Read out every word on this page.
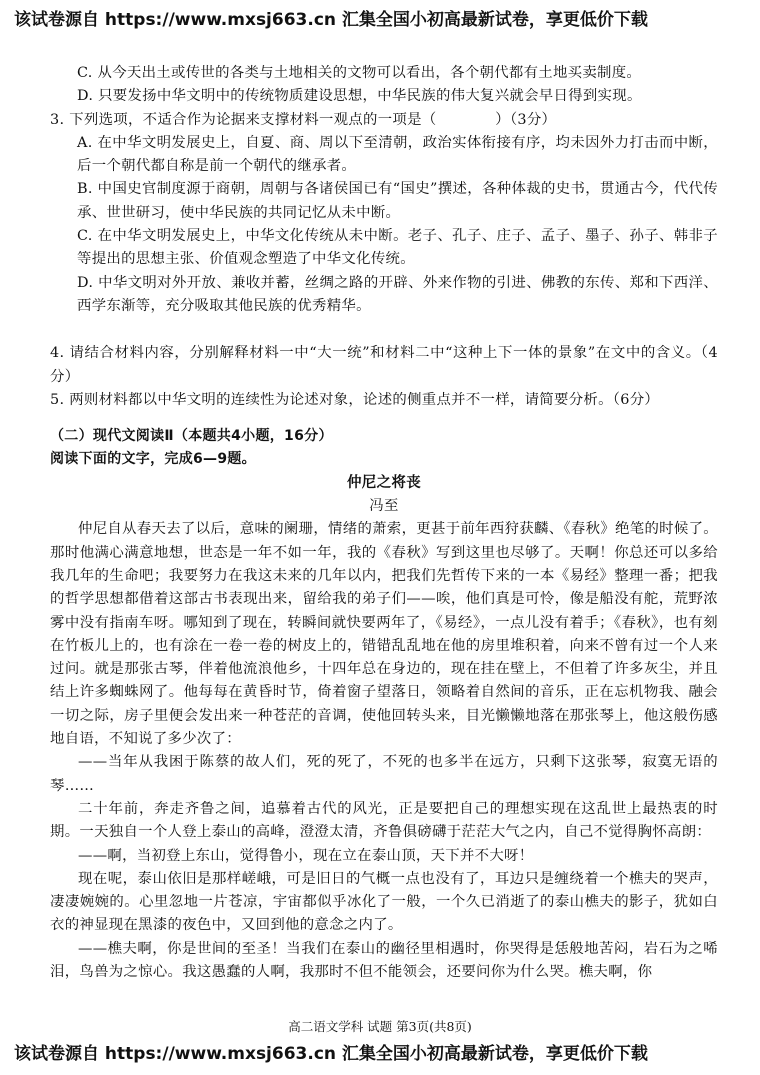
该试卷源自 https://www.mxsj663.cn 汇集全国小初高最新试卷，享更低价下载

C. 从今天出土或传世的各类与土地相关的文物可以看出，各个朝代都有土地买卖制度。

D. 只要发扬中华文明中的传统物质建设思想，中华民族的伟大复兴就会早日得到实现。

3. 下列选项，不适合作为论据来支撑材料一观点的一项是（　　　　）（3分）

A. 在中华文明发展史上，自夏、商、周以下至清朝，政治实体衔接有序，均未因外力打击而中断，后一个朝代都自称是前一个朝代的继承者。

B. 中国史官制度源于商朝，周朝与各诸侯国已有“国史”撰述，各种体裁的史书，贯通古今，代代传承、世世研习，使中华民族的共同记忆从未中断。

C. 在中华文明发展史上，中华文化传统从未中断。老子、孔子、庄子、孟子、墨子、孙子、韩非子等提出的思想主张、价值观念塑造了中华文化传统。

D. 中华文明对外开放、兼收并蓄，丝绸之路的开辟、外来作物的引进、佛教的东传、郑和下西洋、西学东渐等，充分吸取其他民族的优秀精华。

4. 请结合材料内容，分别解释材料一中“大一统”和材料二中“这种上下一体的景象”在文中的含义。（4分）

5. 两则材料都以中华文明的连续性为论述对象，论述的侧重点并不一样，请简要分析。（6分）

（二）现代文阅读Ⅱ（本题共4小题，16分）

阅读下面的文字，完成6—9题。

仲尼之将丧

冯至

仲尼自从春天去了以后，意味的阑珊，情绪的萧索，更甚于前年西狩获麟、《春秋》绝笔的时候了。那时他满心满意地想，世态是一年不如一年，我的《春秋》写到这里也尽够了。天啊！你总还可以多给我几年的生命吧；我要努力在我这未来的几年以内，把我们先哲传下来的一本《易经》整理一番；把我的哲学思想都借着这部古书表现出来，留给我的弟子们——唉，他们真是可怜，像是船没有舵，荒野浓雾中没有指南车呀。哪知到了现在，转瞬间就快要两年了，《易经》，一点儿没有着手；《春秋》，也有刻在竹板儿上的，也有涂在一卷一卷的树皮上的，错错乱乱地在他的房里堆积着，向来不曾有过一个人来过问。就是那张古琴，伴着他流浪他乡，十四年总在身边的，现在挂在壁上，不但着了许多灰尘，并且结上许多蜘蛛网了。他每每在黄昏时节，倚着窗子望落日，领略着自然间的音乐，正在忘机物我、融会一切之际，房子里便会发出来一种苍茫的音调，使他回转头来，目光懒懒地落在那张琴上，他这般伤感地自语，不知说了多少次了：

——当年从我困于陈蔡的故人们，死的死了，不死的也多半在远方，只剩下这张琴，寂寞无语的琴……

二十年前，奔走齐鲁之间，追慕着古代的风光，正是要把自己的理想实现在这乱世上最热衷的时期。一天独自一个人登上泰山的高峰，澄澄太清，齐鲁俱磅礴于茫茫大气之内，自己不觉得胸怀高朗：

——啊，当初登上东山，觉得鲁小，现在立在泰山顶，天下并不大呀！

现在呢，泰山依旧是那样嵯峨，可是旧日的气概一点也没有了，耳边只是缠绕着一个樵夫的哭声，凄凄婉婉的。心里忽地一片苍凉，宇宙都似乎冰化了一般，一个久已消逝了的泰山樵夫的影子，犹如白衣的神显现在黑漆的夜色中，又回到他的意念之内了。

——樵夫啊，你是世间的至圣！当我们在泰山的幽径里相遇时，你哭得是恁般地苦闷，岩石为之唏泪，鸟兽为之惊心。我这愚蠢的人啊，我那时不但不能领会，还要问你为什么哭。樵夫啊，你

高二语文学科 试题 第3页(共8页)
该试卷源自 https://www.mxsj663.cn 汇集全国小初高最新试卷，享更低价下载
